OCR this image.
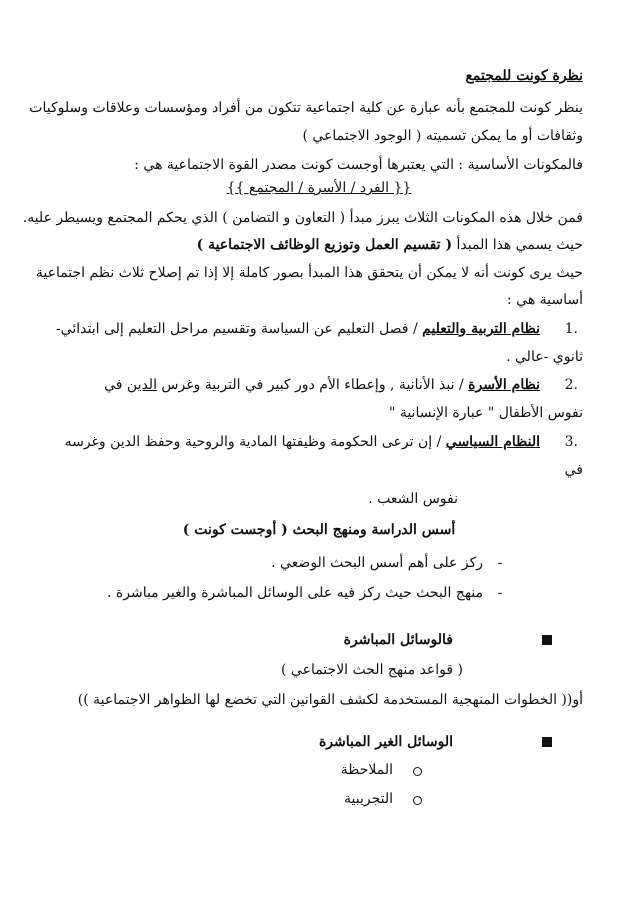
نظرة كونت للمجتمع
ينظر كونت للمجتمع بأنه عبارة عن كلية اجتماعية تتكون من أفراد ومؤسسات وعلاقات وسلوكيات
وثقافات أو ما يمكن تسميته ( الوجود الاجتماعي )
فالمكونات الأساسية : التي يعتبرها أوجست كونت مصدر القوة الاجتماعية هي :
{{ الفرد / الأسرة / المجتمع }}
فمن خلال هذه المكونات الثلاث يبرز مبدأ ( التعاون و التضامن ) الذي يحكم المجتمع ويسيطر عليه.
حيث يسمي هذا المبدأ ( تقسيم العمل وتوزيع الوظائف الاجتماعية )
حيث يرى كونت أنه لا يمكن أن يتحقق هذا المبدأ بصور كاملة إلا إذا تم إصلاح ثلاث نظم اجتماعية
أساسية هي :
.1
نظام التربية والتعليم / فصل التعليم عن السياسة وتقسيم مراحل التعليم إلى ابتدائي-
ثانوي -عالي .
.2
نظام الأسرة / نبذ الأنانية , وإعطاء الأم دور كبير في التربية وغرس الدين في
نفوس الأطفال " عبارة الإنسانية "
.3
النظام السياسي / إن ترعى الحكومة وظيفتها المادية والروحية وحفظ الدين وغرسه
في
نفوس الشعب .
أسس الدراسة ومنهج البحث ( أوجست كونت )
-
ركز على أهم أسس البحث الوضعي .
-
منهج البحث حيث ركز فيه على الوسائل المباشرة والغير مباشرة .
فالوسائل المباشرة
( قواعد منهج الحث الاجتماعي )
أو(( الخطوات المنهجية المستخدمة لكشف القوانين التي تخضع لها الظواهر الاجتماعية ))
الوسائل الغير المباشرة
الملاحظة
التجريبية
